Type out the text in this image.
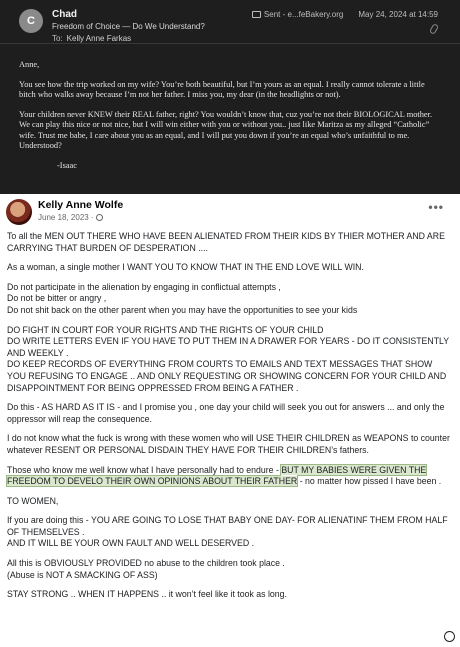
C
Chad
Freedom of Choice — Do We Understand?
To: Kelly Anne Farkas
Sent - e...feBakery.org May 24, 2024 at 14:59

Anne,

You see how the trip worked on my wife? You’re both beautiful, but I’m yours as an equal. I really cannot tolerate a little bitch who walks away because I’m not her father. I miss you, my dear (in the headlights or not).

Your children never KNEW their REAL father, right? You wouldn’t know that, cuz you’re not their BIOLOGICAL mother. We can play this nice or not nice, but I will win either with you or without you.. just like Maritza as my alleged “Catholic” wife. Trust me babe, I care about you as an equal, and I will put you down if you’re an equal who’s unfaithful to me. Understood?

-Isaac

Kelly Anne Wolfe
June 18, 2023 ·
•••

To all the MEN OUT THERE WHO HAVE BEEN ALIENATED FROM THEIR KIDS BY THIER MOTHER AND ARE CARRYING THAT BURDEN OF DESPERATION ....

As a woman, a single mother I WANT YOU TO KNOW THAT IN THE END LOVE WILL WIN.

Do not participate in the alienation by engaging in conflictual attempts ,
Do not be bitter or angry ,
Do not shit back on the other parent when you may have the opportunities to see your kids

DO FIGHT IN COURT FOR YOUR RIGHTS AND THE RIGHTS OF YOUR CHILD
DO WRITE LETTERS EVEN IF YOU HAVE TO PUT THEM IN A DRAWER FOR YEARS - DO IT CONSISTENTLY AND WEEKLY .
DO KEEP RECORDS OF EVERYTHING FROM COURTS TO EMAILS AND TEXT MESSAGES THAT SHOW YOU REFUSING TO ENGAGE .. AND ONLY REQUESTING OR SHOWING CONCERN FOR YOUR CHILD AND DISAPPOINTMENT FOR BEING OPPRESSED FROM BEING A FATHER .

Do this - AS HARD AS IT IS - and I promise you , one day your child will seek you out for answers ... and only the oppressor will reap the consequence.

I do not know what the fuck is wrong with these women who will USE THEIR CHILDREN as WEAPONS to counter whatever RESENT OR PERSONAL DISDAIN THEY HAVE FOR THEIR CHILDREN’s fathers.

Those who know me well know what I have personally had to endure - BUT MY BABIES WERE GIVEN THE FREEDOM TO DEVELO THEIR OWN OPINIONS ABOUT THEIR FATHER - no matter how pissed I have been .

TO WOMEN,

If you are doing this - YOU ARE GOING TO LOSE THAT BABY ONE DAY- FOR ALIENATINF THEM FROM HALF OF THEMSELVES .
AND IT WILL BE YOUR OWN FAULT AND WELL DESERVED .

All this is OBVIOUSLY PROVIDED no abuse to the children took place .
(Abuse is NOT A SMACKING OF ASS)

STAY STRONG .. WHEN IT HAPPENS .. it won’t feel like it took as long.
